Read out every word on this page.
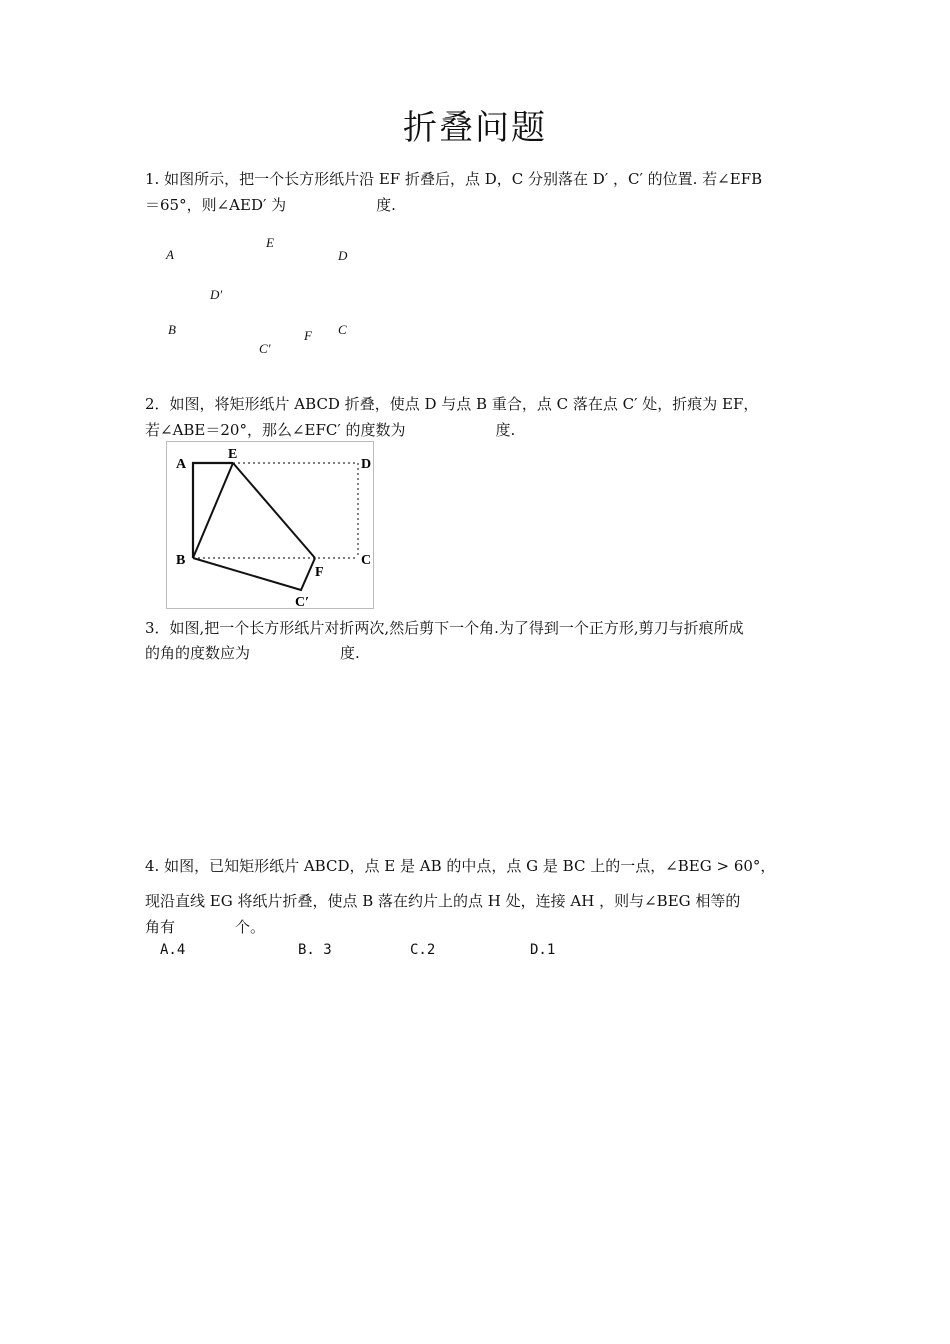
折叠问题
1. 如图所示，把一个长方形纸片沿 EF 折叠后，点 D，C 分别落在 D′ ，C′ 的位置. 若∠EFB
＝65°，则∠AED′ 为　　　　　　度.
A
E
D
D′
B	F C
C′
2．如图，将矩形纸片 ABCD 折叠，使点 D 与点 B 重合，点 C 落在点 C′ 处，折痕为 EF，
若∠ABE＝20°，那么∠EFC′ 的度数为　　　　　　度.
A
E
D
B	C
F
C′
3．如图,把一个长方形纸片对折两次,然后剪下一个角.为了得到一个正方形,剪刀与折痕所成
的角的度数应为　　　　　　度.
4. 如图，已知矩形纸片 ABCD，点 E 是 AB 的中点，点 G 是 BC 上的一点，∠BEG > 60°，
现沿直线 EG 将纸片折叠，使点 B 落在约片上的点 H 处，连接 AH ，则与∠BEG 相等的
角有　　　　个。
A.4	B. 3	C.2	D.1
